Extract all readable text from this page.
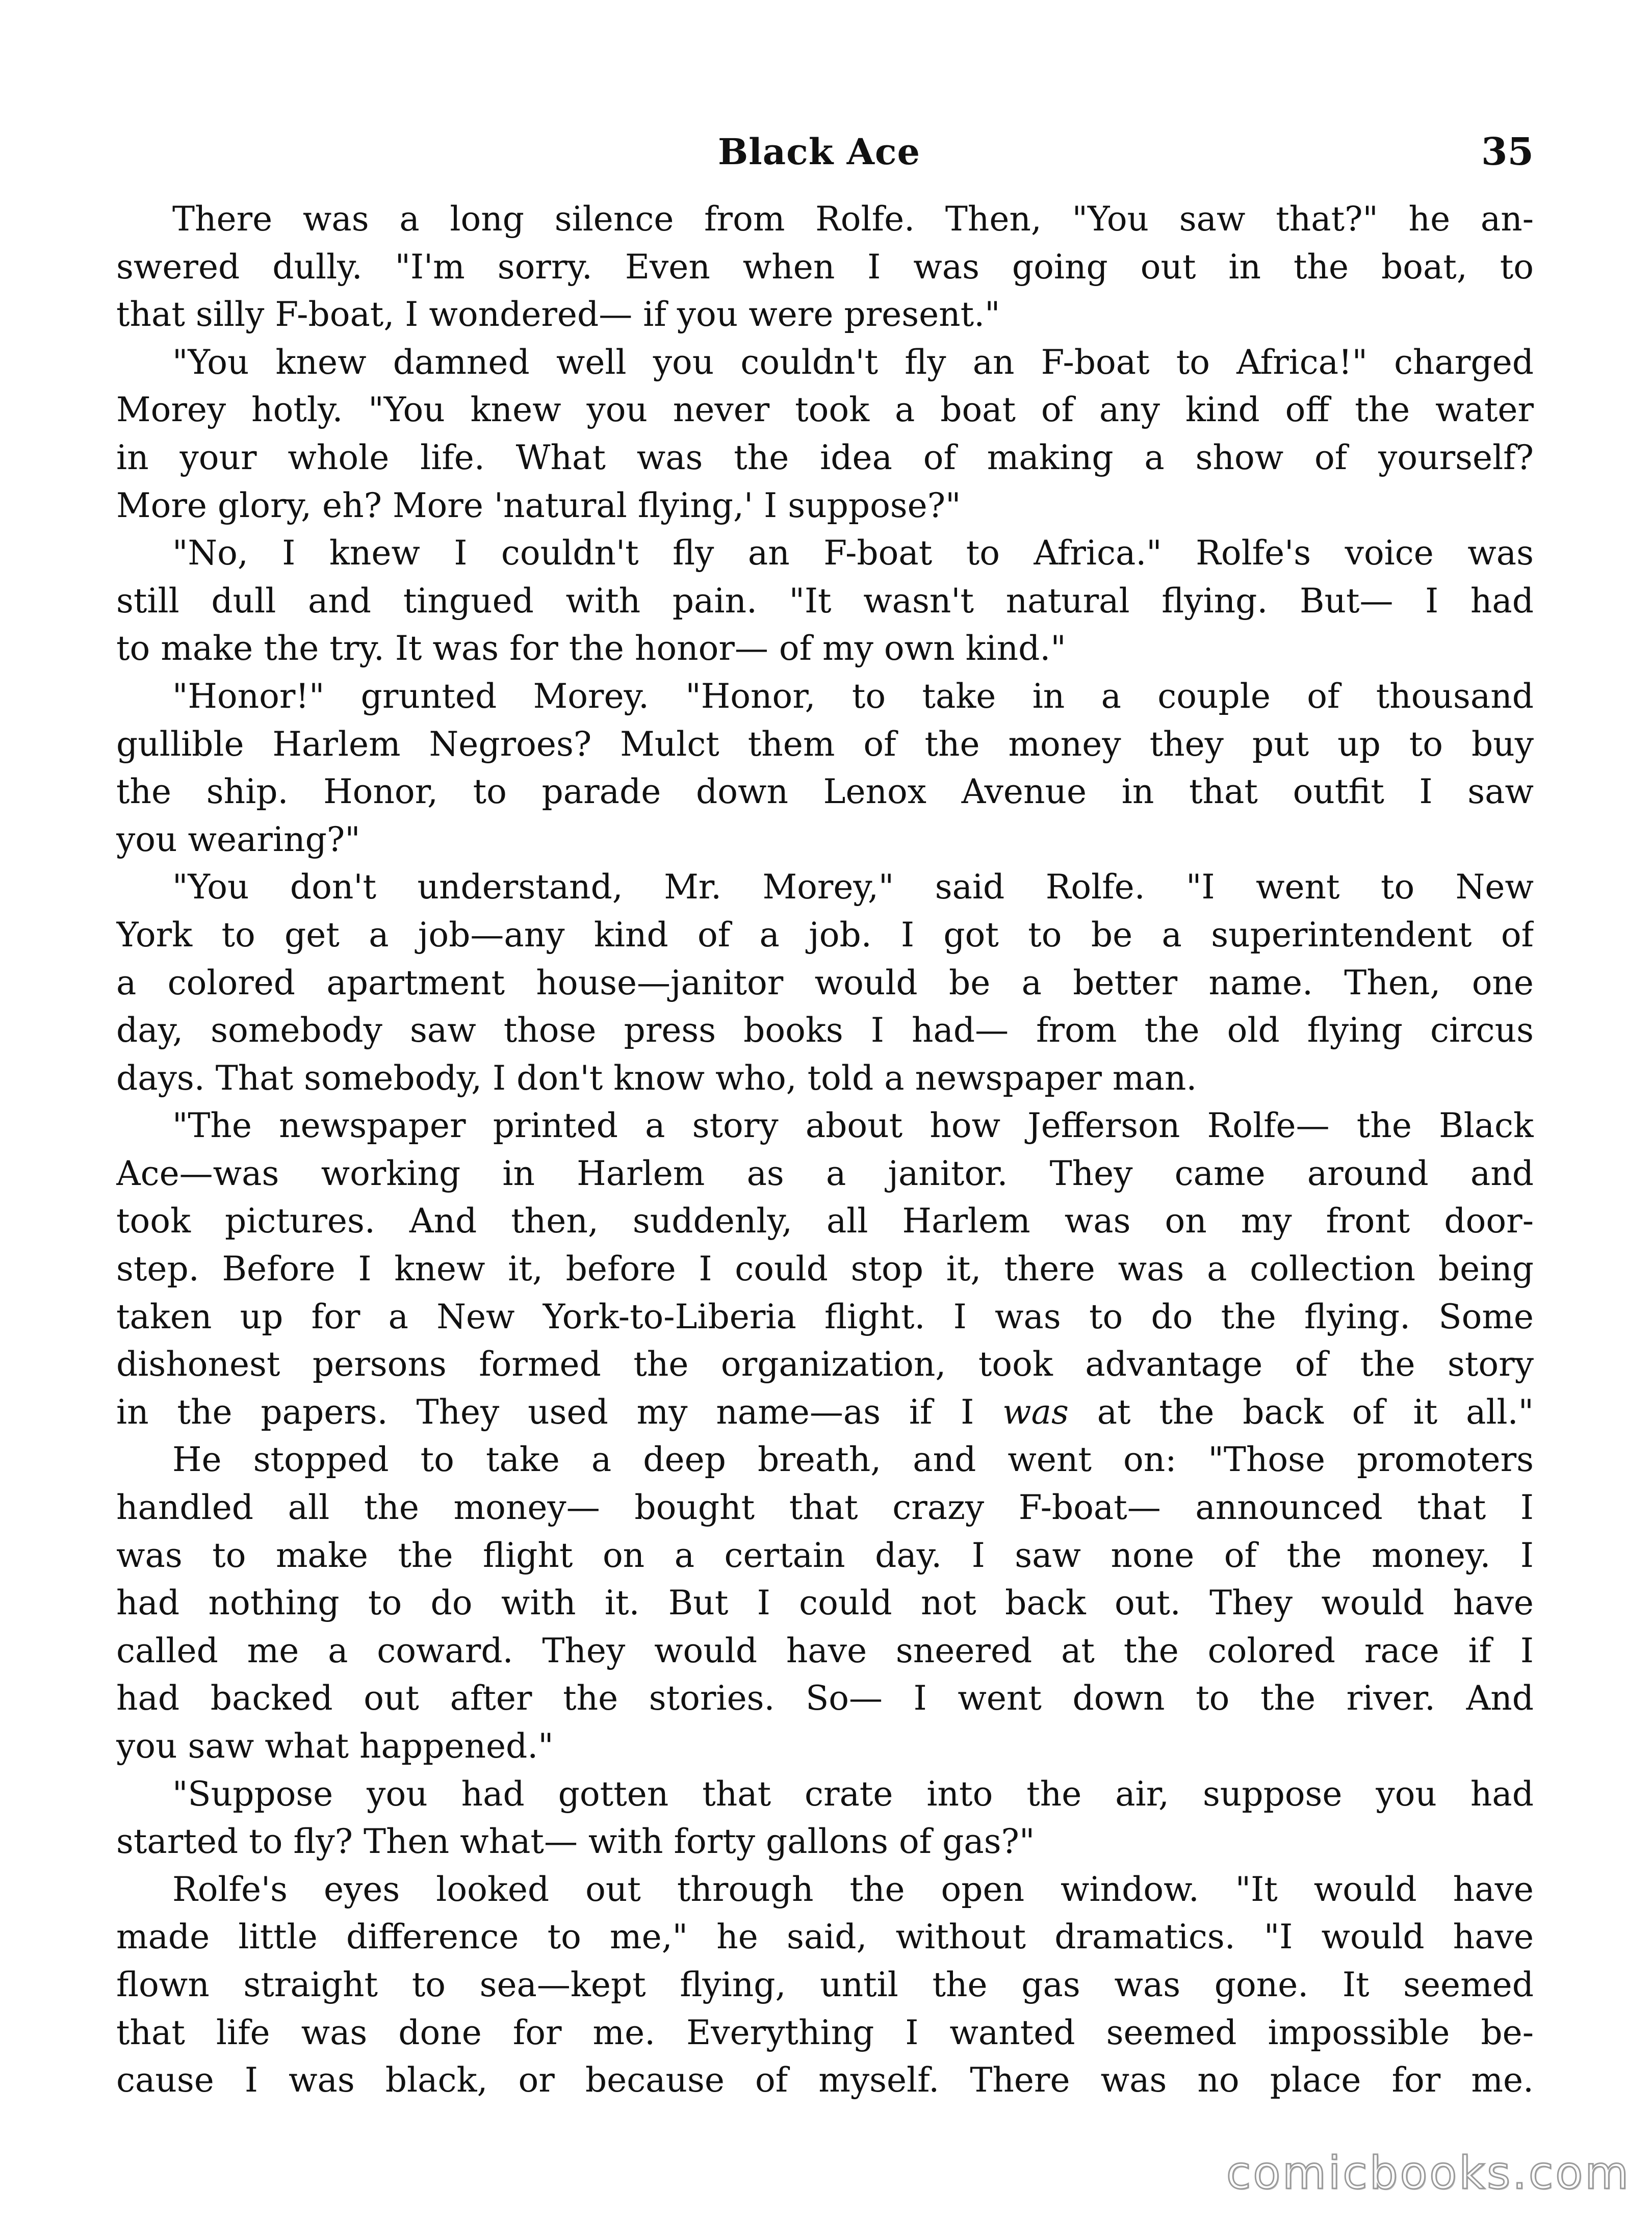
Black Ace	35
There was a long silence from Rolfe. Then, "You saw that?" he an-
swered dully. "I'm sorry. Even when I was going out in the boat, to
that silly F-boat, I wondered— if you were present."
"You knew damned well you couldn't fly an F-boat to Africa!" charged
Morey hotly. "You knew you never took a boat of any kind off the water
in your whole life. What was the idea of making a show of yourself?
More glory, eh? More 'natural flying,' I suppose?"
"No, I knew I couldn't fly an F-boat to Africa." Rolfe's voice was
still dull and tingued with pain. "It wasn't natural flying. But— I had
to make the try. It was for the honor— of my own kind."
"Honor!" grunted Morey. "Honor, to take in a couple of thousand
gullible Harlem Negroes? Mulct them of the money they put up to buy
the ship. Honor, to parade down Lenox Avenue in that outfit I saw
you wearing?"
"You don't understand, Mr. Morey," said Rolfe. "I went to New
York to get a job—any kind of a job. I got to be a superintendent of
a colored apartment house—janitor would be a better name. Then, one
day, somebody saw those press books I had— from the old flying circus
days. That somebody, I don't know who, told a newspaper man.
"The newspaper printed a story about how Jefferson Rolfe— the Black
Ace—was working in Harlem as a janitor. They came around and
took pictures. And then, suddenly, all Harlem was on my front door-
step. Before I knew it, before I could stop it, there was a collection being
taken up for a New York-to-Liberia flight. I was to do the flying. Some
dishonest persons formed the organization, took advantage of the story
in the papers. They used my name—as if I was at the back of it all."
He stopped to take a deep breath, and went on: "Those promoters
handled all the money— bought that crazy F-boat— announced that I
was to make the flight on a certain day. I saw none of the money. I
had nothing to do with it. But I could not back out. They would have
called me a coward. They would have sneered at the colored race if I
had backed out after the stories. So— I went down to the river. And
you saw what happened."
"Suppose you had gotten that crate into the air, suppose you had
started to fly? Then what— with forty gallons of gas?"
Rolfe's eyes looked out through the open window. "It would have
made little difference to me," he said, without dramatics. "I would have
flown straight to sea—kept flying, until the gas was gone. It seemed
that life was done for me. Everything I wanted seemed impossible be-
cause I was black, or because of myself. There was no place for me.
comicbooks.com
